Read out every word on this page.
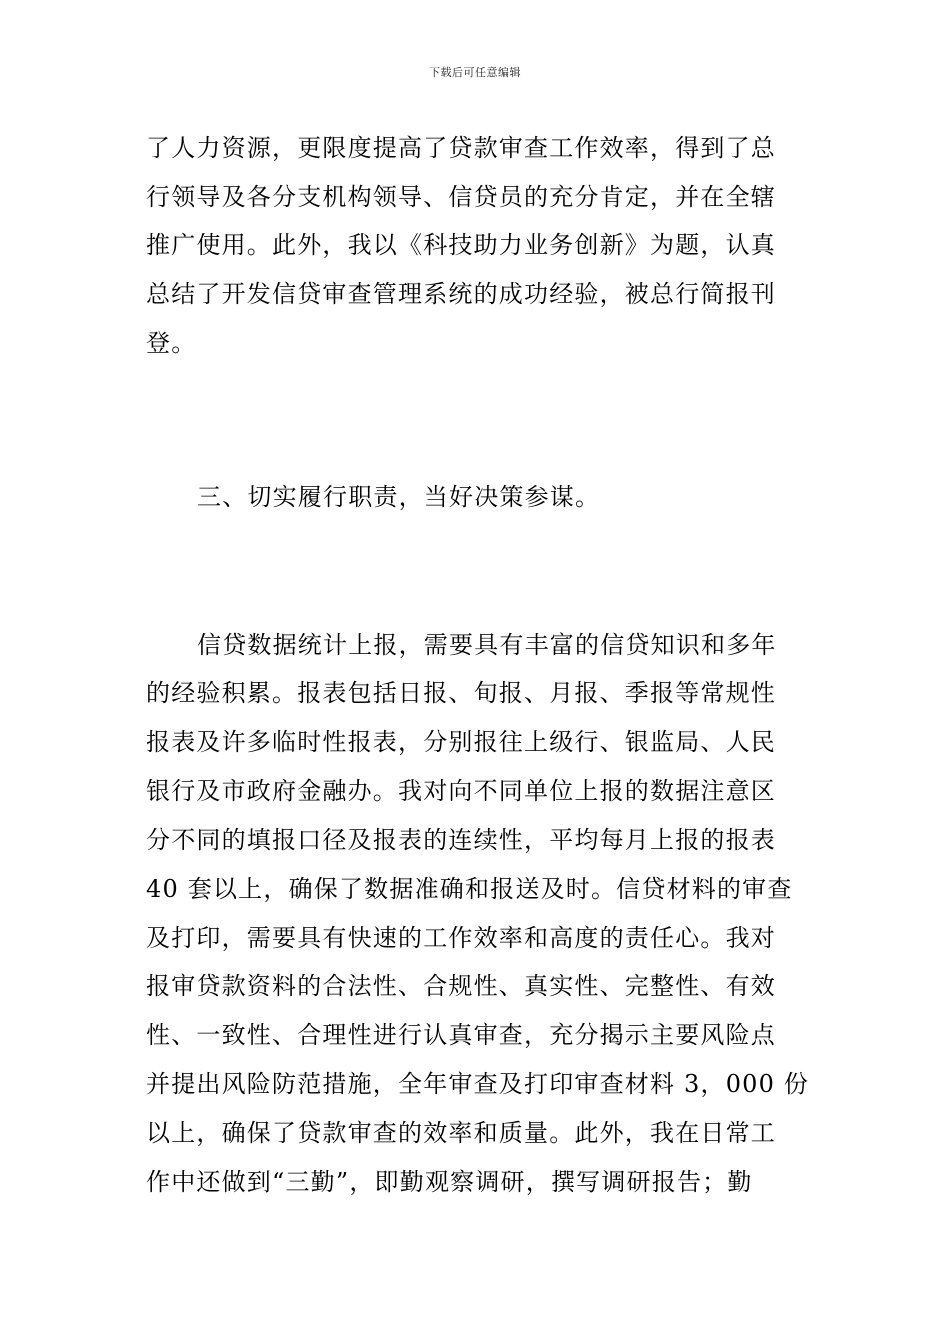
下载后可任意编辑
了人力资源，更限度提高了贷款审查工作效率，得到了总
行领导及各分支机构领导、信贷员的充分肯定，并在全辖
推广使用。此外，我以《科技助力业务创新》为题，认真
总结了开发信贷审查管理系统的成功经验，被总行简报刊
登。
三、切实履行职责，当好决策参谋。
信贷数据统计上报，需要具有丰富的信贷知识和多年
的经验积累。报表包括日报、旬报、月报、季报等常规性
报表及许多临时性报表，分别报往上级行、银监局、人民
银行及市政府金融办。我对向不同单位上报的数据注意区
分不同的填报口径及报表的连续性，平均每月上报的报表
40 套以上，确保了数据准确和报送及时。信贷材料的审查
及打印，需要具有快速的工作效率和高度的责任心。我对
报审贷款资料的合法性、合规性、真实性、完整性、有效
性、一致性、合理性进行认真审查，充分揭示主要风险点
并提出风险防范措施，全年审查及打印审查材料 3，000 份
以上，确保了贷款审查的效率和质量。此外，我在日常工
作中还做到“三勤”，即勤观察调研，撰写调研报告；勤
